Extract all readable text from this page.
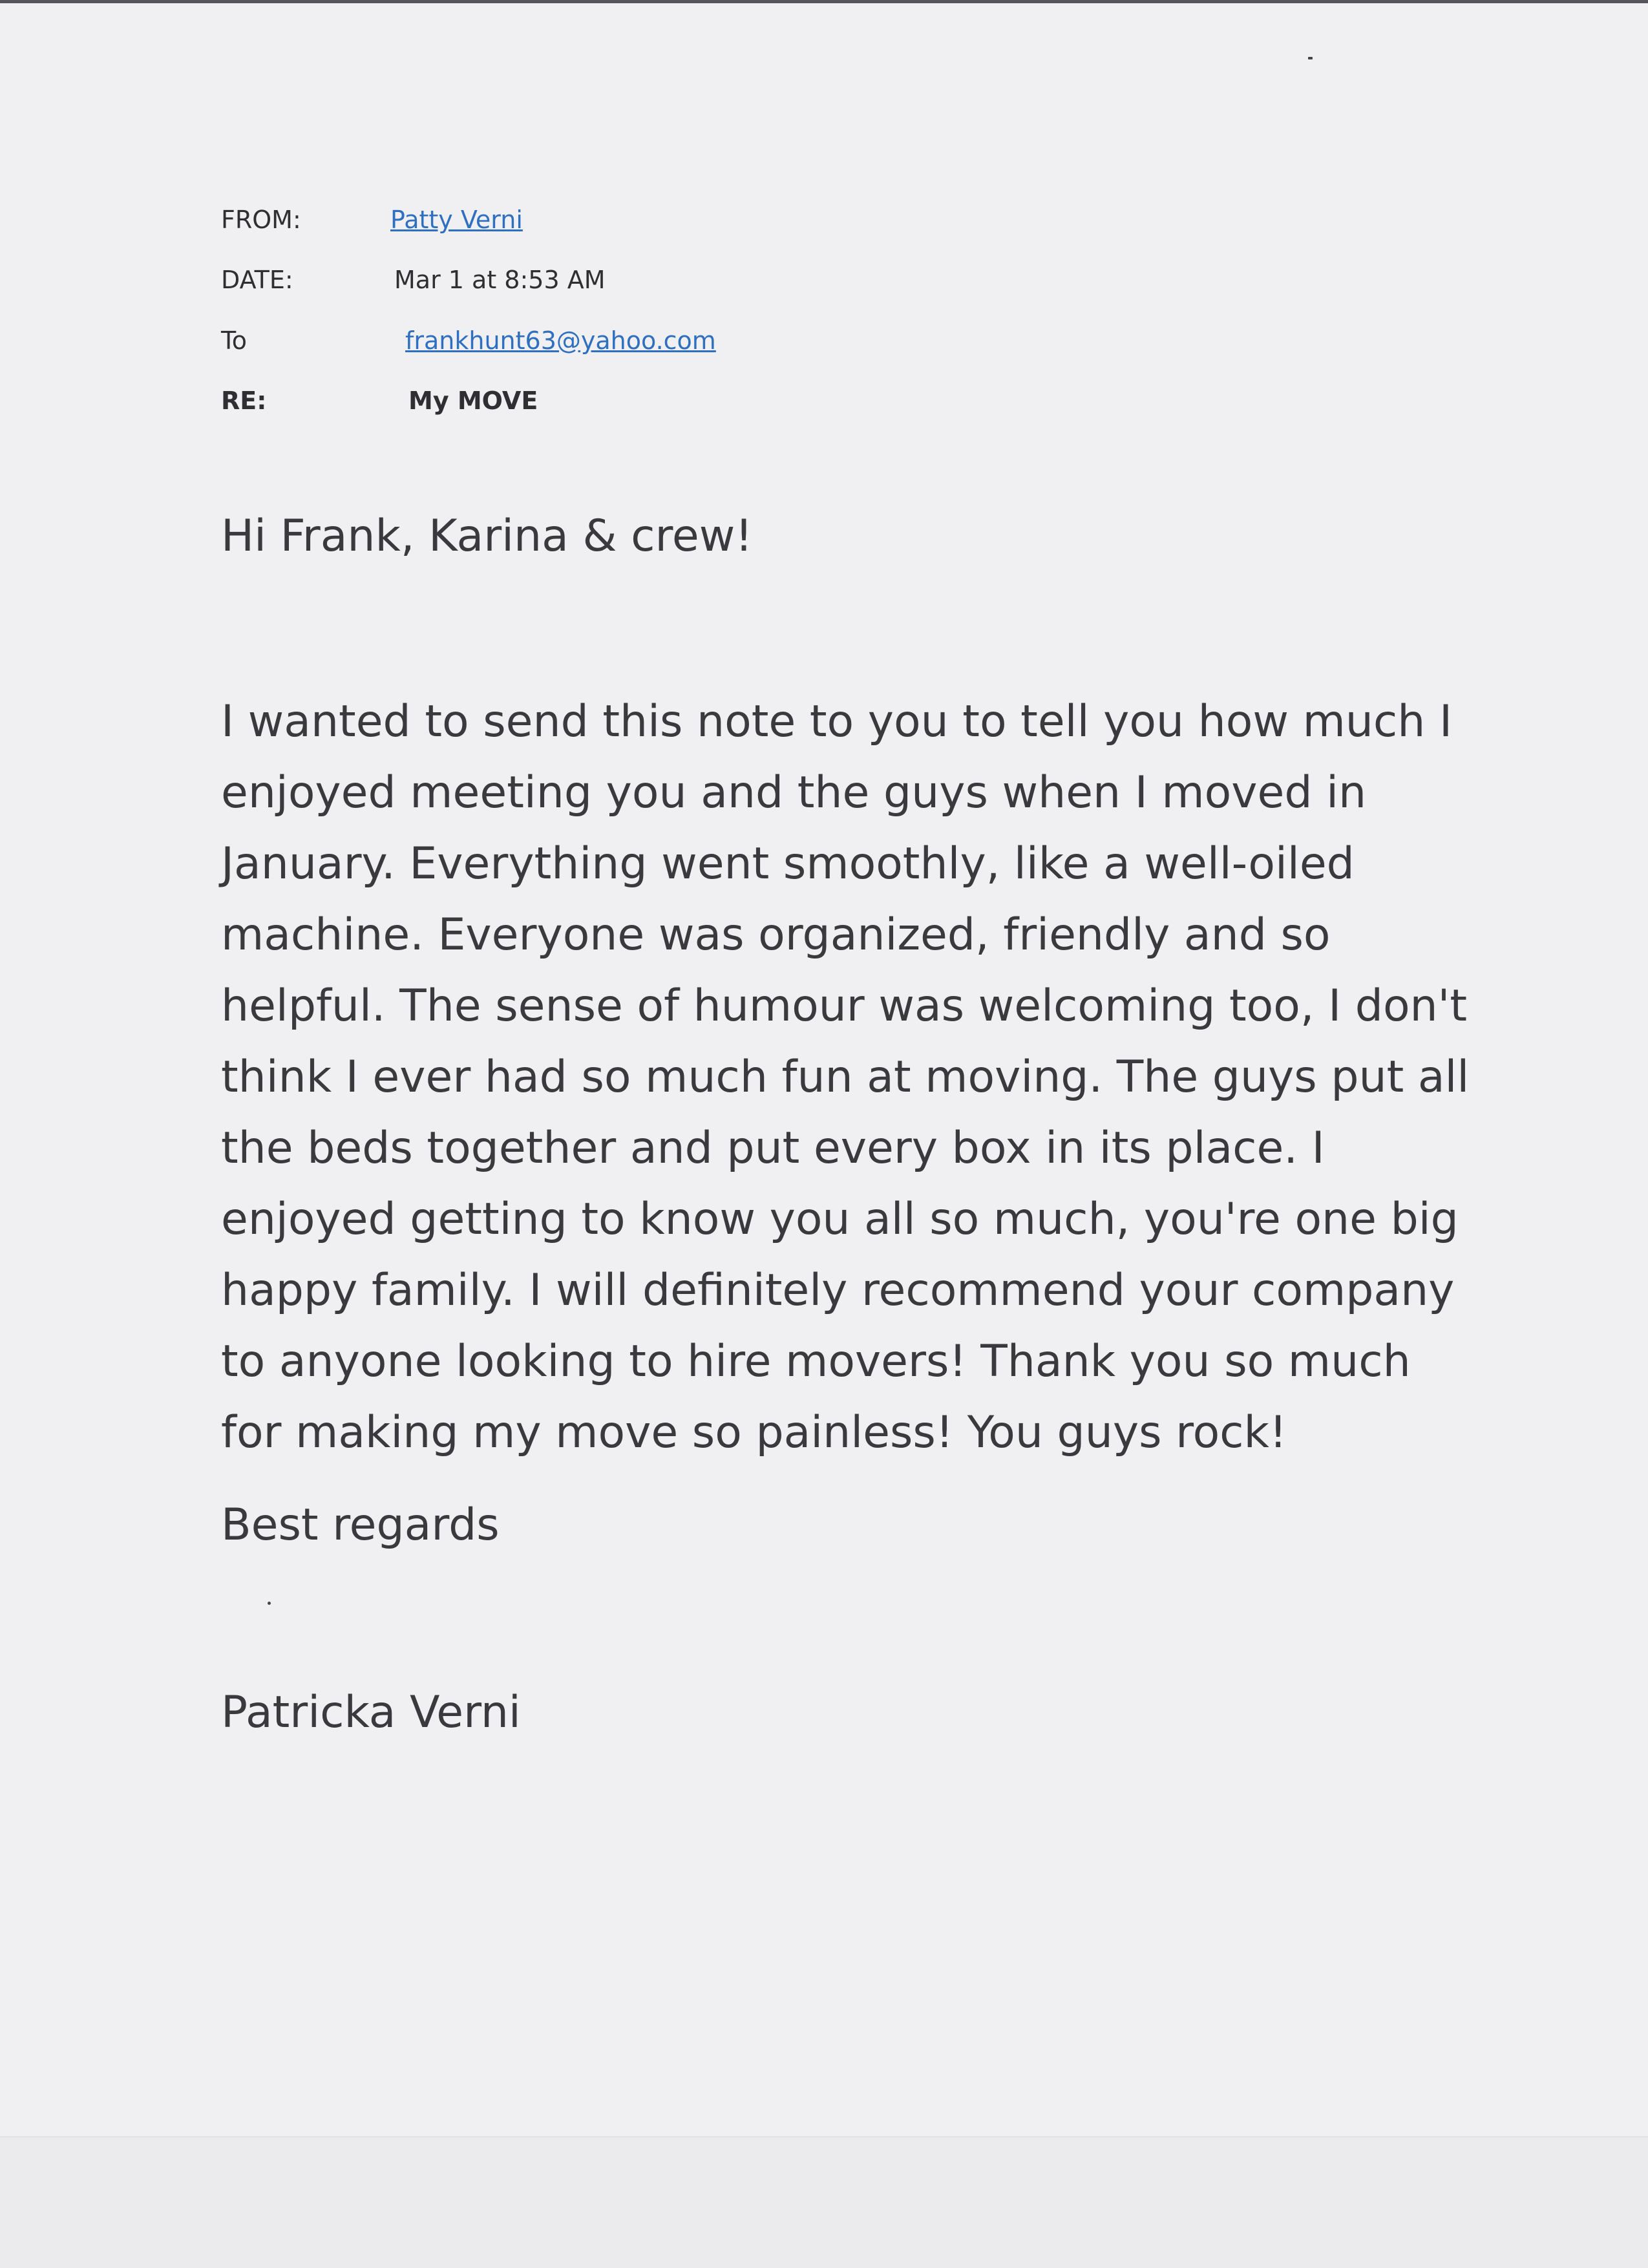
FROM:	Patty Verni
DATE:	Mar 1 at 8:53 AM
To	frankhunt63@yahoo.com
RE:	My MOVE
Hi Frank, Karina & crew!
I wanted to send this note to you to tell you how much I
enjoyed meeting you and the guys when I moved in
January. Everything went smoothly, like a well-oiled
machine. Everyone was organized, friendly and so
helpful. The sense of humour was welcoming too, I don't
think I ever had so much fun at moving. The guys put all
the beds together and put every box in its place. I
enjoyed getting to know you all so much, you're one big
happy family. I will definitely recommend your company
to anyone looking to hire movers! Thank you so much
for making my move so painless! You guys rock!
Best regards
Patricka Verni
